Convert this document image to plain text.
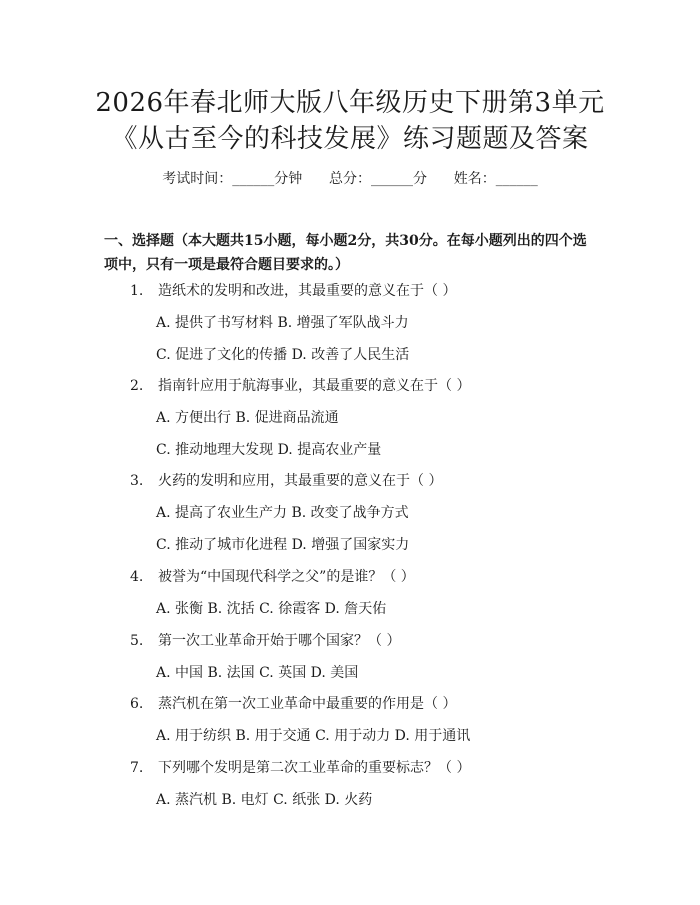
2026年春北师大版八年级历史下册第3单元
《从古至今的科技发展》练习题题及答案
考试时间：______分钟      总分：______分      姓名：______
一、选择题（本大题共15小题，每小题2分，共30分。在每小题列出的四个选
项中，只有一项是最符合题目要求的。）
1. 造纸术的发明和改进，其最重要的意义在于（ ）
A. 提供了书写材料 B. 增强了军队战斗力
C. 促进了文化的传播 D. 改善了人民生活
2. 指南针应用于航海事业，其最重要的意义在于（ ）
A. 方便出行 B. 促进商品流通
C. 推动地理大发现 D. 提高农业产量
3. 火药的发明和应用，其最重要的意义在于（ ）
A. 提高了农业生产力 B. 改变了战争方式
C. 推动了城市化进程 D. 增强了国家实力
4. 被誉为“中国现代科学之父”的是谁？（ ）
A. 张衡 B. 沈括 C. 徐霞客 D. 詹天佑
5. 第一次工业革命开始于哪个国家？（ ）
A. 中国 B. 法国 C. 英国 D. 美国
6. 蒸汽机在第一次工业革命中最重要的作用是（ ）
A. 用于纺织 B. 用于交通 C. 用于动力 D. 用于通讯
7. 下列哪个发明是第二次工业革命的重要标志？（ ）
A. 蒸汽机 B. 电灯 C. 纸张 D. 火药
